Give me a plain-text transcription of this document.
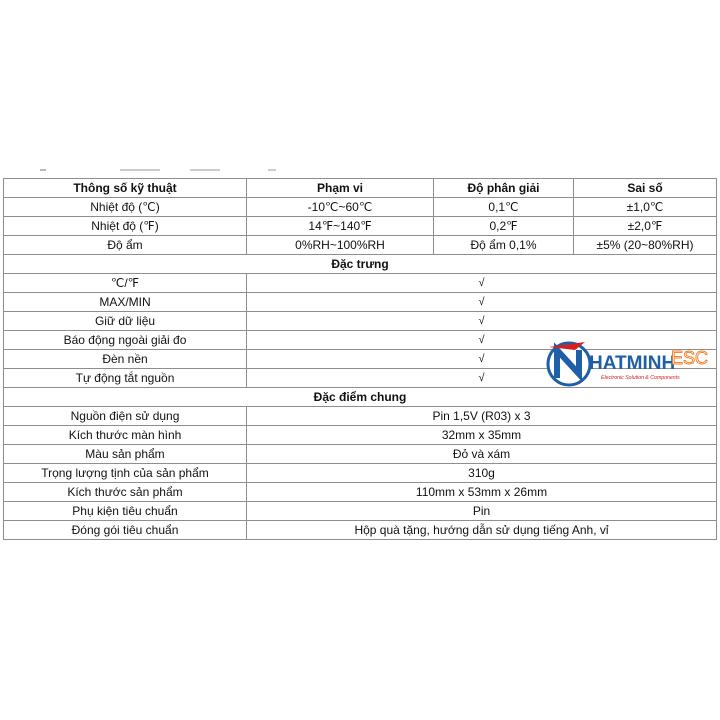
Thông số kỹ thuật	Phạm vi	Độ phân giải	Sai số
Nhiệt độ (℃)	-10℃~60℃	0,1℃	±1,0℃
Nhiệt độ (℉)	14℉~140℉	0,2℉	±2,0℉
Độ ẩm	0%RH~100%RH	Độ ẩm 0,1%	±5% (20~80%RH)
Đặc trưng			
℃/℉	√		
MAX/MIN	√		
Giữ dữ liệu	√		
Báo động ngoài giải đo	√		
Đèn nền	√		
Tự động tắt nguồn	√		
Đặc điểm chung			
Nguồn điện sử dụng	Pin 1,5V (R03) x 3		
Kích thước màn hình	32mm x 35mm		
Màu sản phẩm	Đỏ và xám		
Trọng lượng tịnh của sản phẩm	310g		
Kích thước sản phẩm	110mm x 53mm x 26mm		
Phụ kiện tiêu chuẩn	Pin		
Đóng gói tiêu chuẩn	Hộp quà tặng, hướng dẫn sử dụng tiếng Anh, vỉ		
HATMINH
ESC
Electronic Solution & Components
